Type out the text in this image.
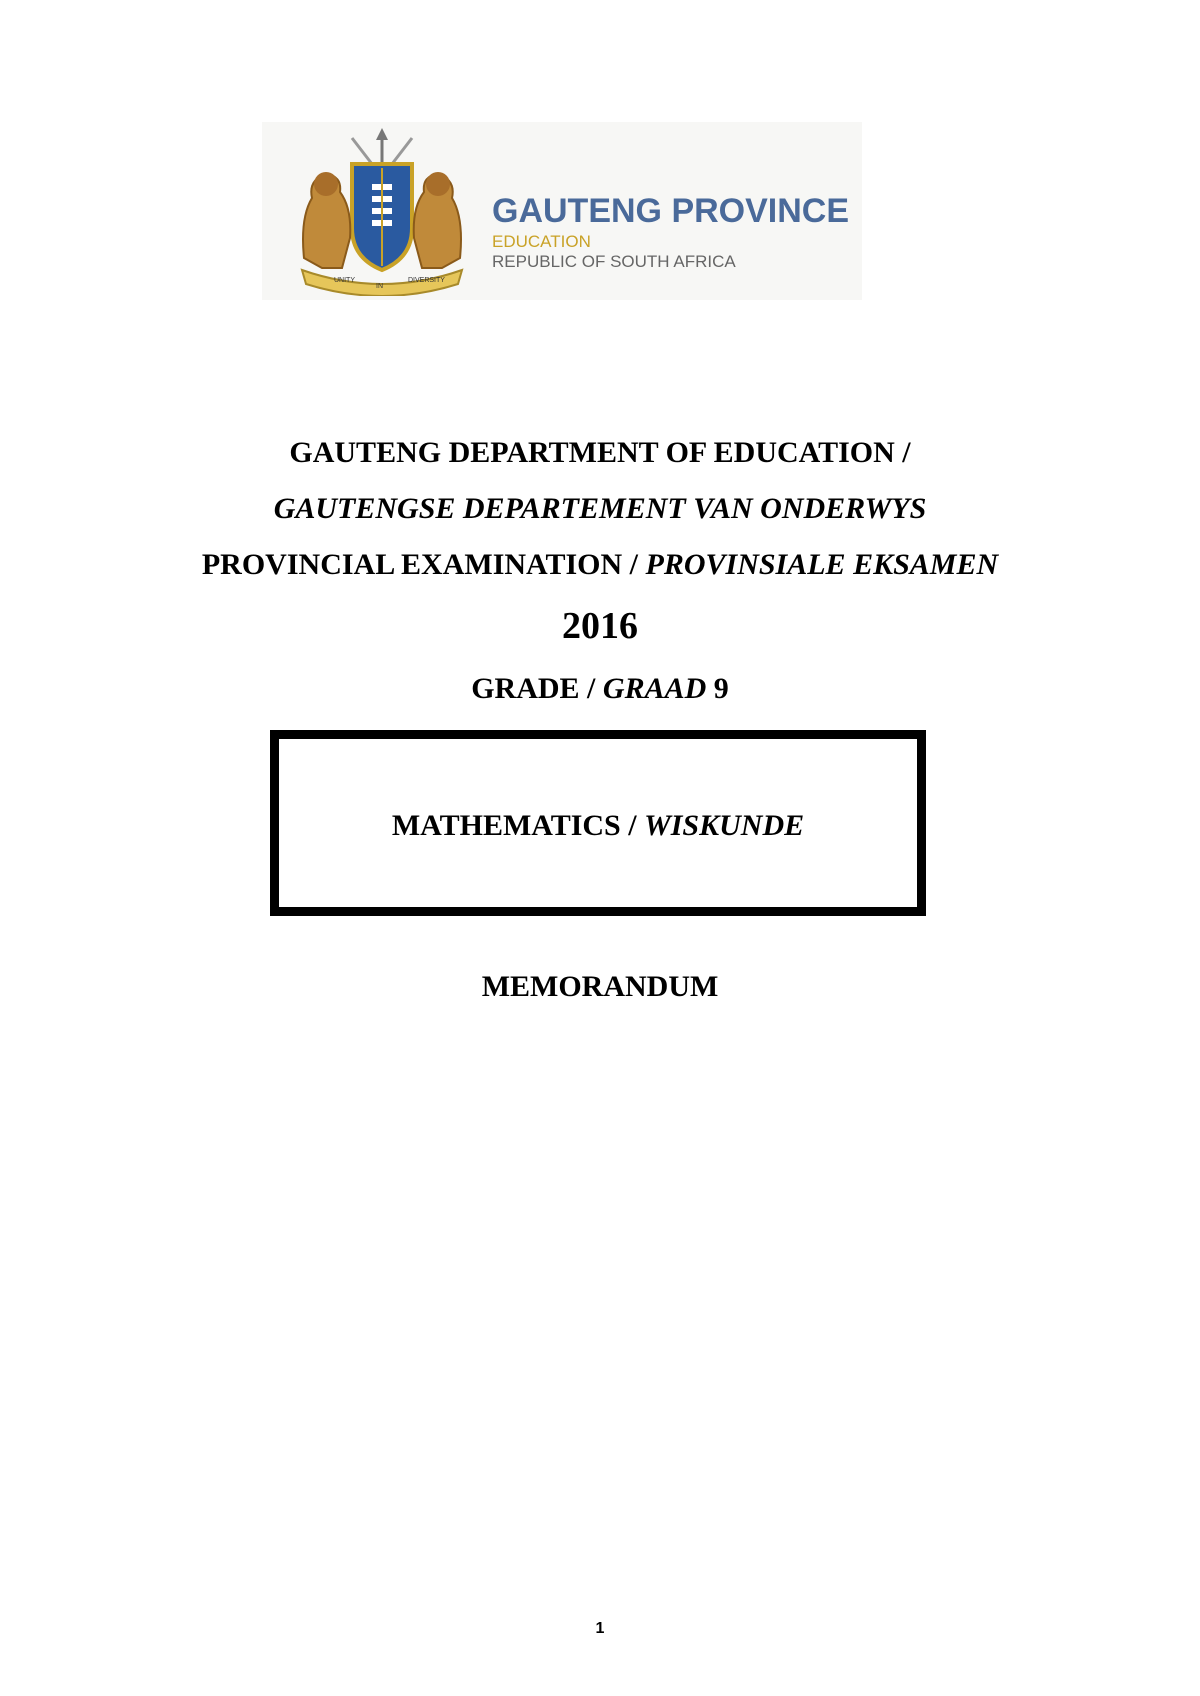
UNITY
IN
DIVERSITY
GAUTENG PROVINCE
EDUCATION
REPUBLIC OF SOUTH AFRICA
GAUTENG DEPARTMENT OF EDUCATION /
GAUTENGSE DEPARTEMENT VAN ONDERWYS
PROVINCIAL EXAMINATION / PROVINSIALE EKSAMEN
2016
GRADE / GRAAD 9
MATHEMATICS / WISKUNDE
MEMORANDUM
1
